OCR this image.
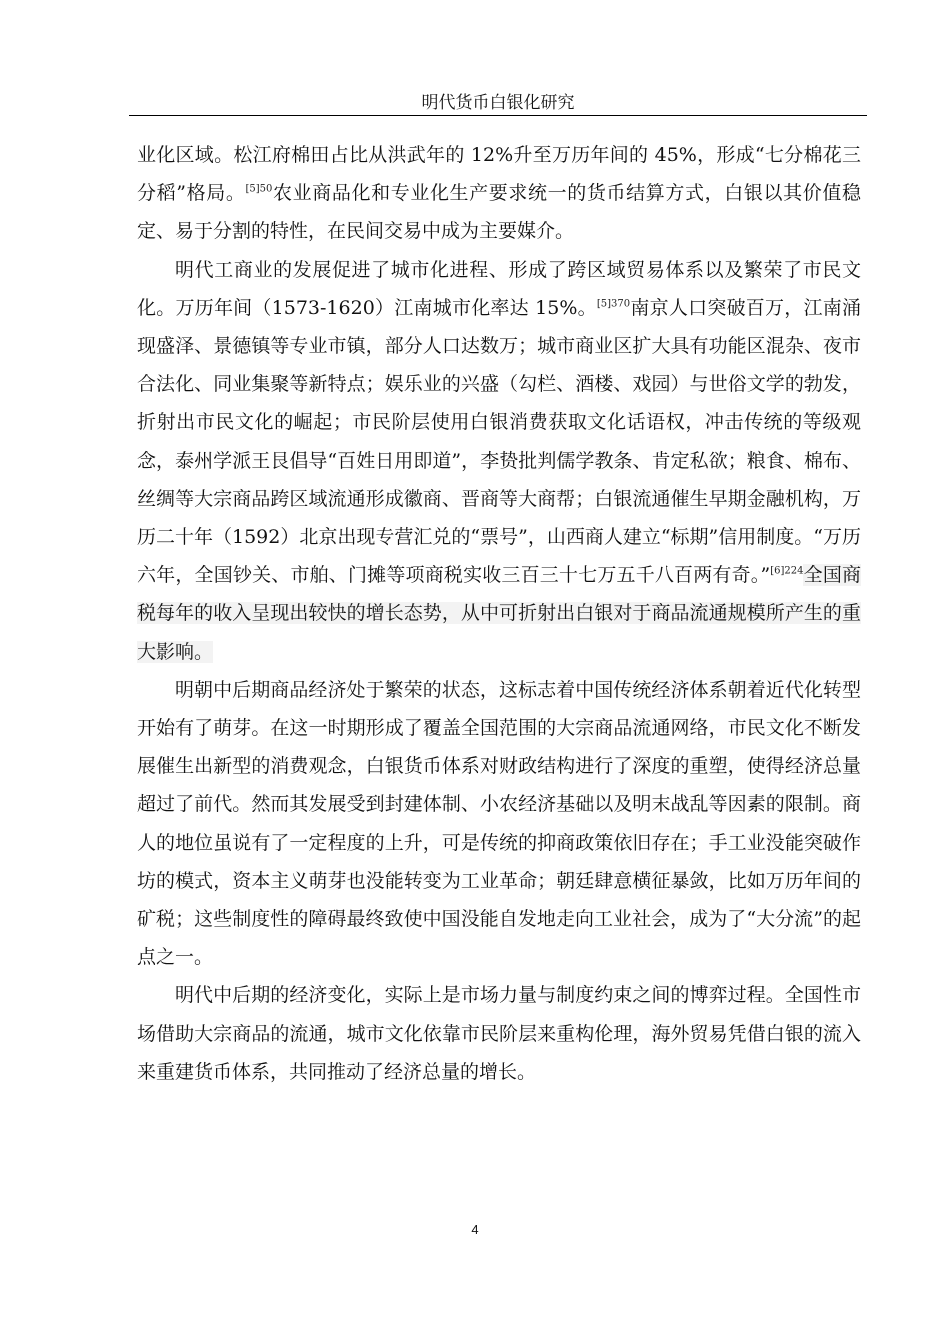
明代货币白银化研究

业化区域。松江府棉田占比从洪武年的 12%升至万历年间的 45%，形成“七分棉花三分稻”格局。$^{[5]50}$农业商品化和专业化生产要求统一的货币结算方式，白银以其价值稳定、易于分割的特性，在民间交易中成为主要媒介。

明代工商业的发展促进了城市化进程、形成了跨区域贸易体系以及繁荣了市民文化。万历年间（1573-1620）江南城市化率达 15%。$^{[5]370}$南京人口突破百万，江南涌现盛泽、景德镇等专业市镇，部分人口达数万；城市商业区扩大具有功能区混杂、夜市合法化、同业集聚等新特点；娱乐业的兴盛（勾栏、酒楼、戏园）与世俗文学的勃发，折射出市民文化的崛起；市民阶层使用白银消费获取文化话语权，冲击传统的等级观念，泰州学派王艮倡导“百姓日用即道”，李贽批判儒学教条、肯定私欲；粮食、棉布、丝绸等大宗商品跨区域流通形成徽商、晋商等大商帮；白银流通催生早期金融机构，万历二十年（1592）北京出现专营汇兑的“票号”，山西商人建立“标期”信用制度。“万历六年，全国钞关、市舶、门摊等项商税实收三百三十七万五千八百两有奇。”$^{[6]224}$全国商税每年的收入呈现出较快的增长态势，从中可折射出白银对于商品流通规模所产生的重大影响。

明朝中后期商品经济处于繁荣的状态，这标志着中国传统经济体系朝着近代化转型开始有了萌芽。在这一时期形成了覆盖全国范围的大宗商品流通网络，市民文化不断发展催生出新型的消费观念，白银货币体系对财政结构进行了深度的重塑，使得经济总量超过了前代。然而其发展受到封建体制、小农经济基础以及明末战乱等因素的限制。商人的地位虽说有了一定程度的上升，可是传统的抑商政策依旧存在；手工业没能突破作坊的模式，资本主义萌芽也没能转变为工业革命；朝廷肆意横征暴敛，比如万历年间的矿税；这些制度性的障碍最终致使中国没能自发地走向工业社会，成为了“大分流”的起点之一。

明代中后期的经济变化，实际上是市场力量与制度约束之间的博弈过程。全国性市场借助大宗商品的流通，城市文化依靠市民阶层来重构伦理，海外贸易凭借白银的流入来重建货币体系，共同推动了经济总量的增长。

4
